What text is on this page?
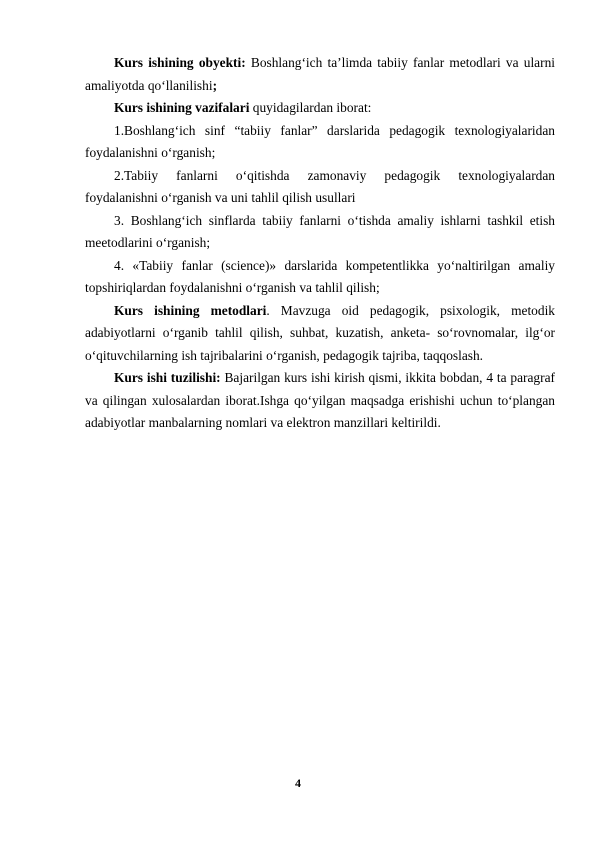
Kurs ishining obyekti: Boshlang‘ich ta’limda tabiiy fanlar metodlari va ularni amaliyotda qo‘llanilishi;

Kurs ishining vazifalari quyidagilardan iborat:

1.Boshlang‘ich sinf “tabiiy fanlar” darslarida pedagogik texnologiyalaridan foydalanishni o‘rganish;

2.Tabiiy fanlarni o‘qitishda zamonaviy pedagogik texnologiyalardan foydalanishni o‘rganish va uni tahlil qilish usullari

3. Boshlang‘ich sinflarda tabiiy fanlarni o‘tishda amaliy ishlarni tashkil etish meetodlarini o‘rganish;

4. «Tabiiy fanlar (science)» darslarida kompetentlikka yo‘naltirilgan amaliy topshiriqlardan foydalanishni o‘rganish va tahlil qilish;

Kurs ishining metodlari. Mavzuga oid pedagogik, psixologik, metodik adabiyotlarni o‘rganib tahlil qilish, suhbat, kuzatish, anketa- so‘rovnomalar, ilg‘or o‘qituvchilarning ish tajribalarini o‘rganish, pedagogik tajriba, taqqoslash.

Kurs ishi tuzilishi: Bajarilgan kurs ishi kirish qismi, ikkita bobdan, 4 ta paragraf va qilingan xulosalardan iborat.Ishga qo‘yilgan maqsadga erishishi uchun to‘plangan adabiyotlar manbalarning nomlari va elektron manzillari keltirildi.

4
